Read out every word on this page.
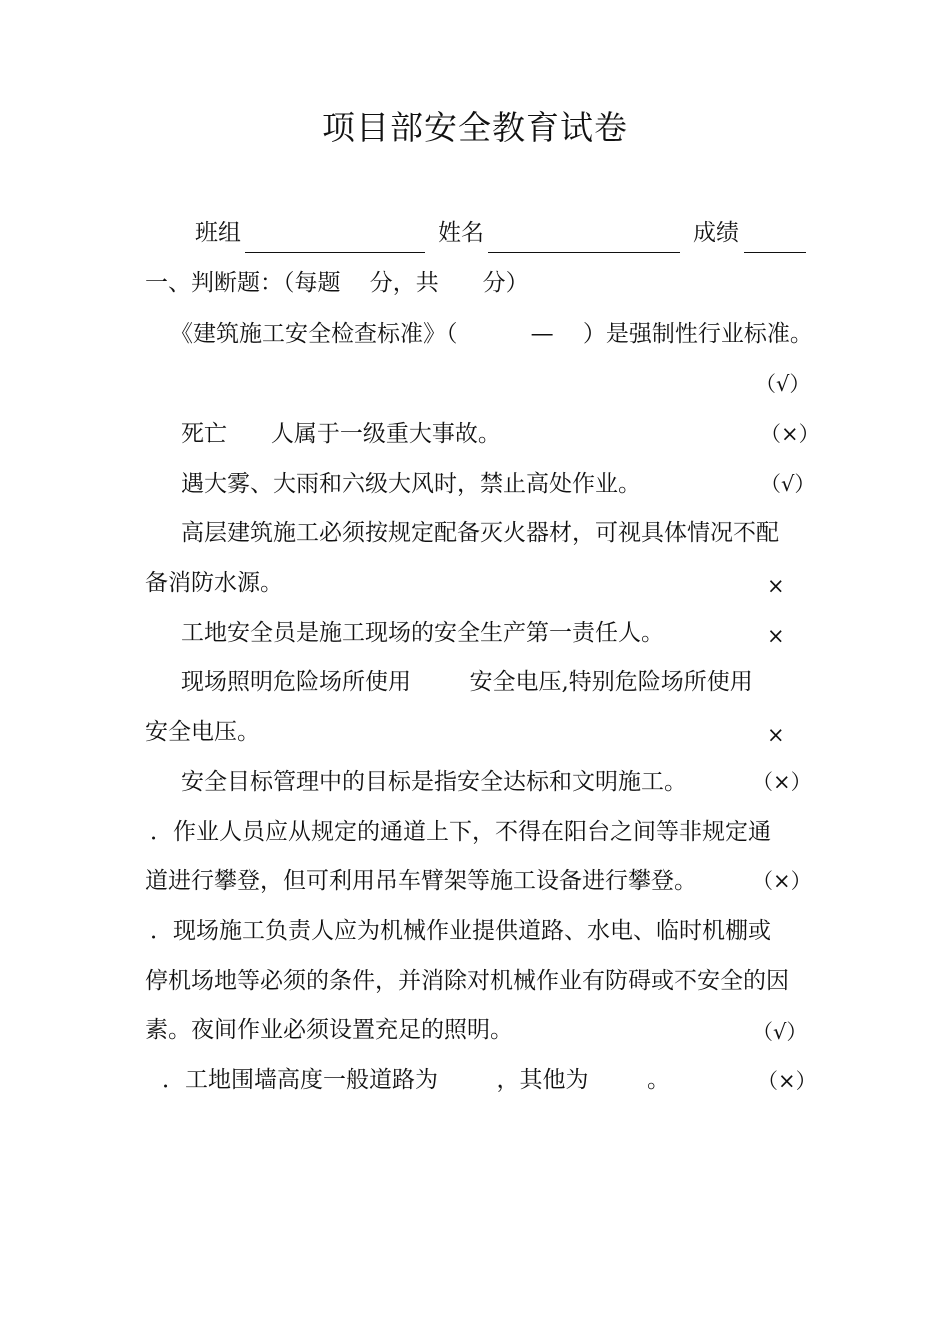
项目部安全教育试卷
班组	姓名	成绩
一、判断题：（每题    分，共      分）
《建筑施工安全检查标准》（          —    ）是强制性行业标准。
（√）
死亡      人属于一级重大事故。	（×）
遇大雾、大雨和六级大风时，禁止高处作业。	（√）
高层建筑施工必须按规定配备灭火器材，可视具体情况不配
备消防水源。	×
工地安全员是施工现场的安全生产第一责任人。	×
现场照明危险场所使用        安全电压,特别危险场所使用
安全电压。	×
安全目标管理中的目标是指安全达标和文明施工。	（×）
．作业人员应从规定的通道上下，不得在阳台之间等非规定通
道进行攀登，但可利用吊车臂架等施工设备进行攀登。	（×）
．现场施工负责人应为机械作业提供道路、水电、临时机棚或
停机场地等必须的条件，并消除对机械作业有防碍或不安全的因
素。夜间作业必须设置充足的照明。	（√）
．工地围墙高度一般道路为        ，其他为        。	（×）
